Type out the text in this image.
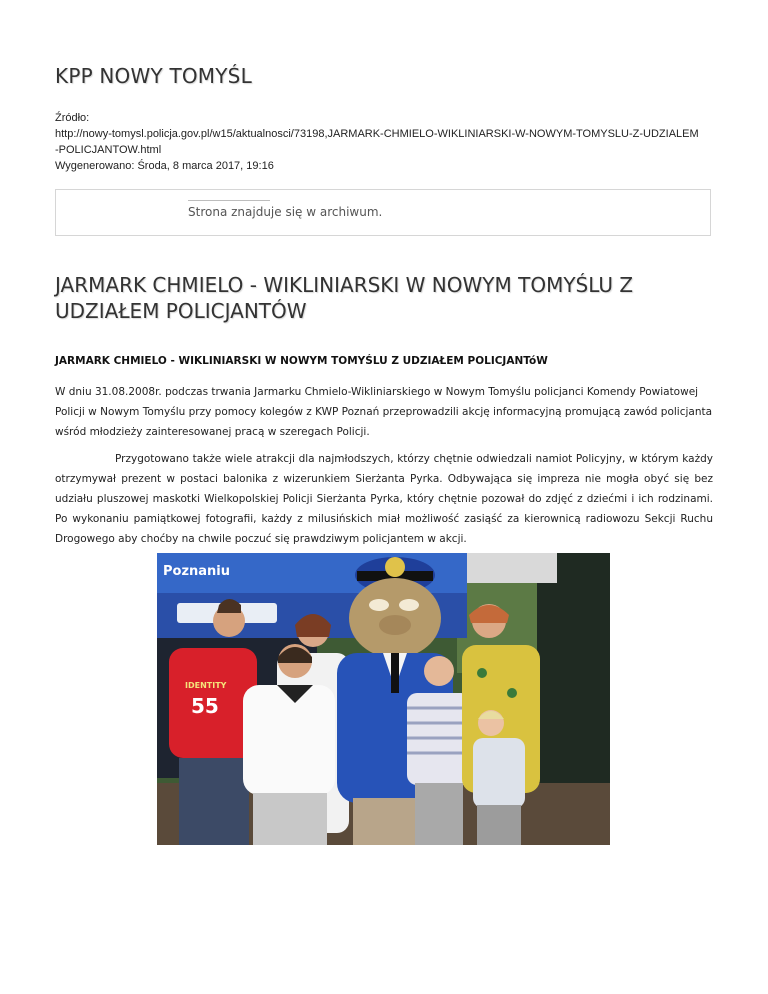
KPP NOWY TOMYŚL
Źródło:
http://nowy-tomysl.policja.gov.pl/w15/aktualnosci/73198,JARMARK-CHMIELO-WIKLINIARSKI-W-NOWYM-TOMYSLU-Z-UDZIALEM
-POLICJANTOW.html
Wygenerowano: Środa, 8 marca 2017, 19:16
Strona znajduje się w archiwum.
JARMARK CHMIELO - WIKLINIARSKI W NOWYM TOMYŚLU Z UDZIAŁEM POLICJANTÓW
JARMARK CHMIELO - WIKLINIARSKI W NOWYM TOMYŚLU Z UDZIAŁEM POLICJANTóW

W dniu 31.08.2008r. podczas trwania Jarmarku Chmielo-Wikliniarskiego w Nowym Tomyślu policjanci Komendy Powiatowej Policji w Nowym Tomyślu przy pomocy kolegów z KWP Poznań przeprowadzili akcję informacyjną promującą zawód policjanta wśród młodzieży zainteresowanej pracą w szeregach Policji.

Przygotowano także wiele atrakcji dla najmłodszych, którzy chętnie odwiedzali namiot Policyjny, w którym każdy otrzymywał prezent w postaci balonika z wizerunkiem Sierżanta Pyrka. Odbywająca się impreza nie mogła obyć się bez udziału pluszowej maskotki Wielkopolskiej Policji Sierżanta Pyrka, który chętnie pozował do zdjęć z dziećmi i ich rodzinami. Po wykonaniu pamiątkowej fotografii, każdy z milusińskich miał możliwość zasiąść za kierownicą radiowozu Sekcji Ruchu Drogowego aby choćby na chwile poczuć się prawdziwym policjantem w akcji.

Poznaniu
IDENTITY
55
